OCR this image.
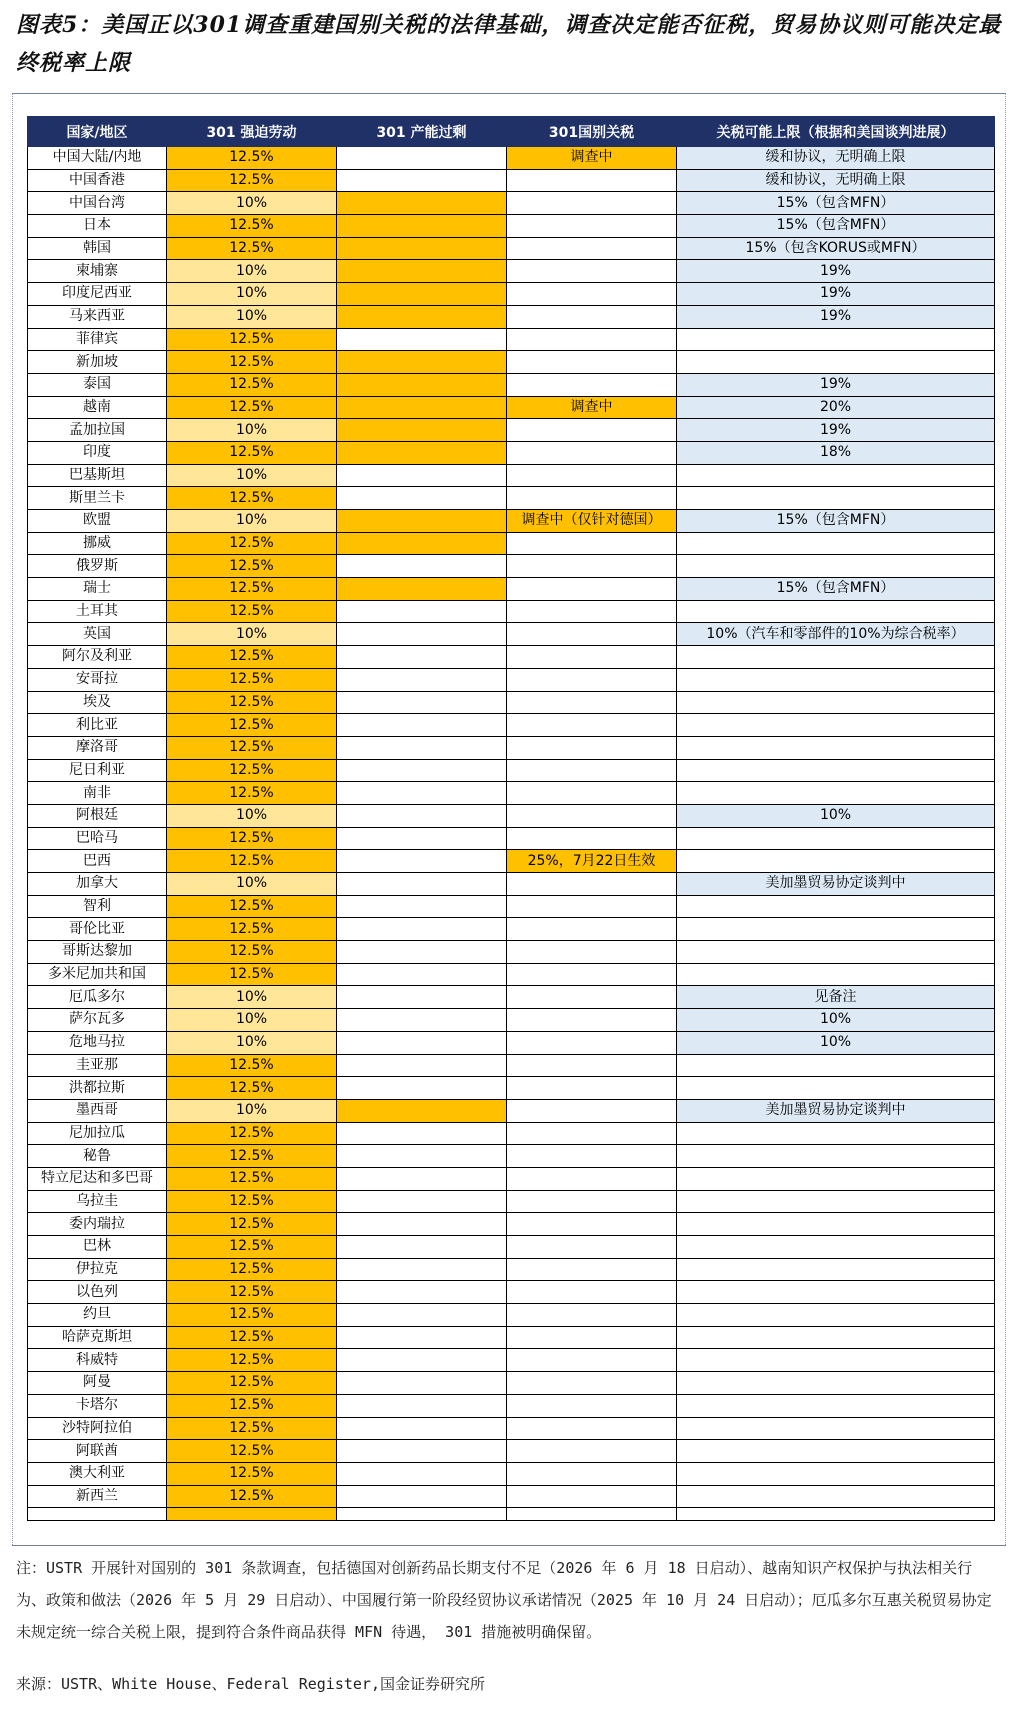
图表5：美国正以301调查重建国别关税的法律基础，调查决定能否征税，贸易协议则可能决定最终税率上限
国家/地区	301 强迫劳动	301 产能过剩	301国别关税	关税可能上限（根据和美国谈判进展）
中国大陆/内地	12.5%		调查中	缓和协议，无明确上限
中国香港	12.5%			缓和协议，无明确上限
中国台湾	10%			15%（包含MFN）
日本	12.5%			15%（包含MFN）
韩国	12.5%			15%（包含KORUS或MFN）
柬埔寨	10%			19%
印度尼西亚	10%			19%
马来西亚	10%			19%
菲律宾	12.5%			
新加坡	12.5%			
泰国	12.5%			19%
越南	12.5%		调查中	20%
孟加拉国	10%			19%
印度	12.5%			18%
巴基斯坦	10%			
斯里兰卡	12.5%			
欧盟	10%		调查中（仅针对德国）	15%（包含MFN）
挪威	12.5%			
俄罗斯	12.5%			
瑞士	12.5%			15%（包含MFN）
土耳其	12.5%			
英国	10%			10%（汽车和零部件的10%为综合税率）
阿尔及利亚	12.5%			
安哥拉	12.5%			
埃及	12.5%			
利比亚	12.5%			
摩洛哥	12.5%			
尼日利亚	12.5%			
南非	12.5%			
阿根廷	10%			10%
巴哈马	12.5%			
巴西	12.5%		25%，7月22日生效	
加拿大	10%			美加墨贸易协定谈判中
智利	12.5%			
哥伦比亚	12.5%			
哥斯达黎加	12.5%			
多米尼加共和国	12.5%			
厄瓜多尔	10%			见备注
萨尔瓦多	10%			10%
危地马拉	10%			10%
圭亚那	12.5%			
洪都拉斯	12.5%			
墨西哥	10%			美加墨贸易协定谈判中
尼加拉瓜	12.5%			
秘鲁	12.5%			
特立尼达和多巴哥	12.5%			
乌拉圭	12.5%			
委内瑞拉	12.5%			
巴林	12.5%			
伊拉克	12.5%			
以色列	12.5%			
约旦	12.5%			
哈萨克斯坦	12.5%			
科威特	12.5%			
阿曼	12.5%			
卡塔尔	12.5%			
沙特阿拉伯	12.5%			
阿联酋	12.5%			
澳大利亚	12.5%			
新西兰	12.5%			

注：USTR 开展针对国别的 301 条款调查，包括德国对创新药品长期支付不足（2026 年 6 月 18 日启动）、越南知识产权保护与执法相关行为、政策和做法（2026 年 5 月 29 日启动）、中国履行第一阶段经贸协议承诺情况（2025 年 10 月 24 日启动）；厄瓜多尔互惠关税贸易协定未规定统一综合关税上限，提到符合条件商品获得 MFN 待遇， 301 措施被明确保留。
来源：USTR、White House、Federal Register,国金证券研究所
